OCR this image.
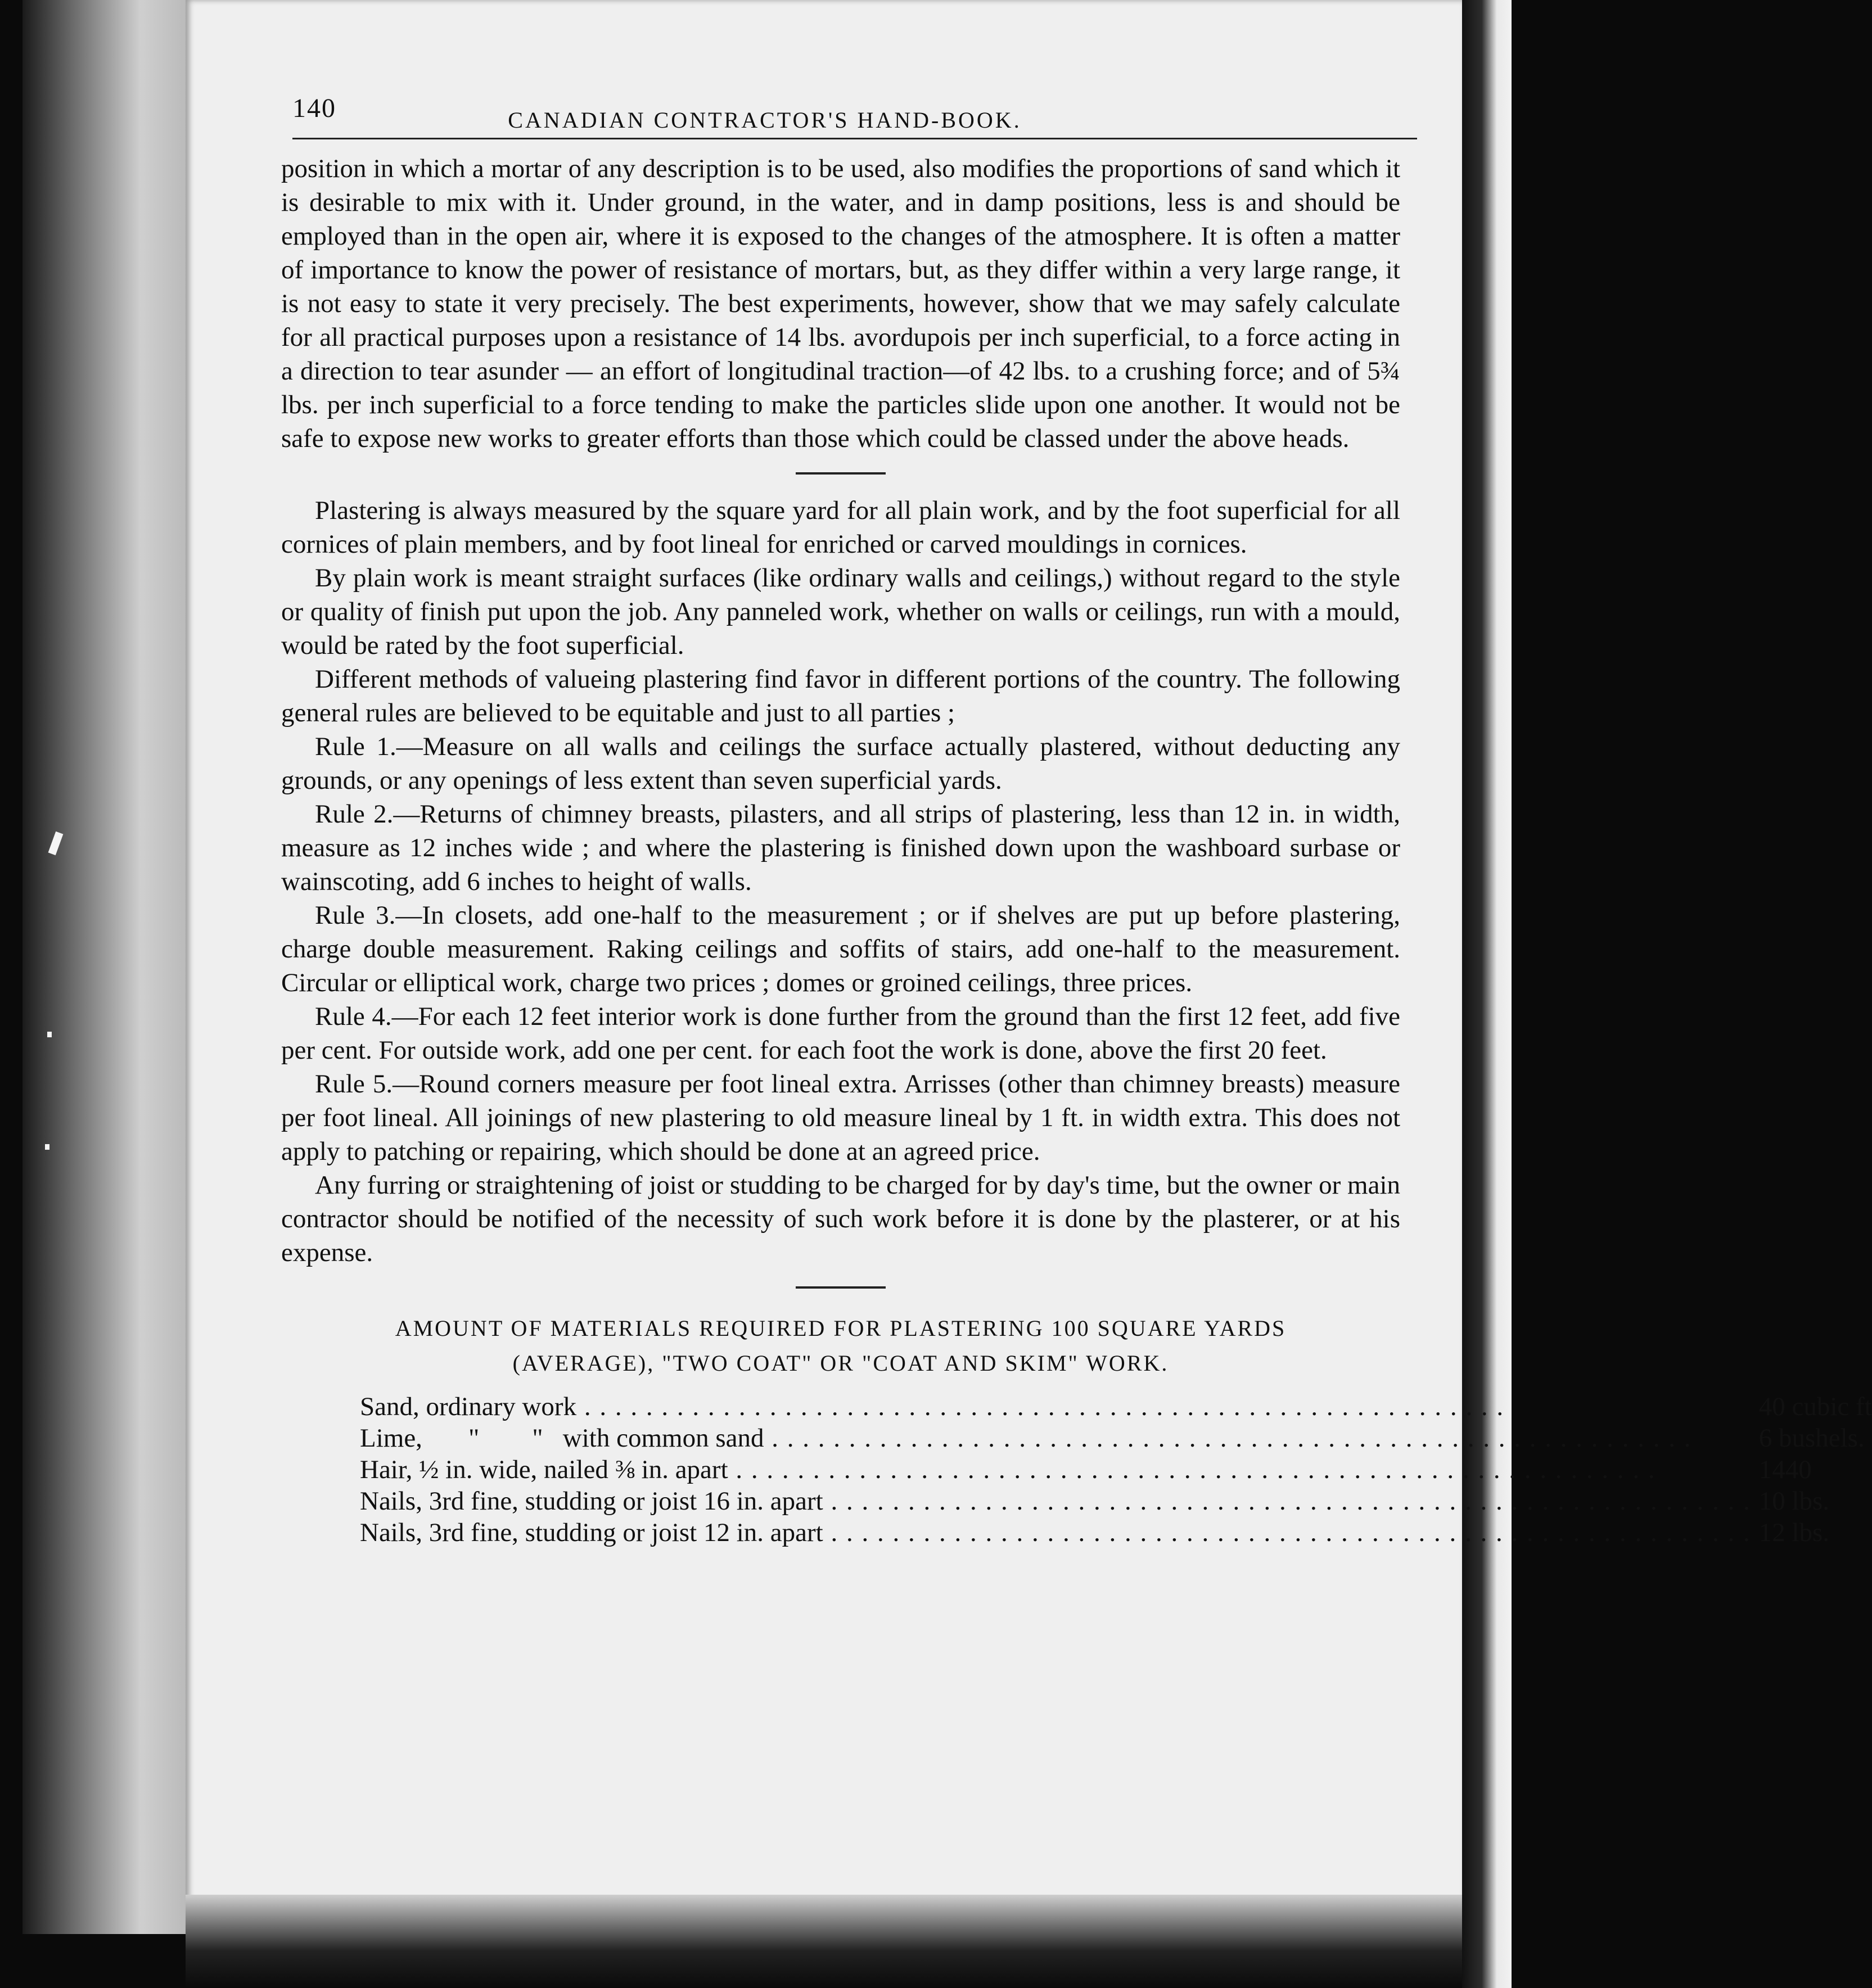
140	CANADIAN CONTRACTOR'S HAND-BOOK.

position in which a mortar of any description is to be used, also modifies the proportions of sand which it is desirable to mix with it. Under ground, in the water, and in damp positions, less is and should be employed than in the open air, where it is exposed to the changes of the atmosphere. It is often a matter of importance to know the power of resistance of mortars, but, as they differ within a very large range, it is not easy to state it very precisely. The best experiments, however, show that we may safely calculate for all practical purposes upon a resistance of 14 lbs. avordupois per inch superficial, to a force acting in a direction to tear asunder — an effort of longitudinal traction—of 42 lbs. to a crushing force; and of 5¾ lbs. per inch superficial to a force tending to make the particles slide upon one another. It would not be safe to expose new works to greater efforts than those which could be classed under the above heads.

Plastering is always measured by the square yard for all plain work, and by the foot superficial for all cornices of plain members, and by foot lineal for enriched or carved mouldings in cornices.

By plain work is meant straight surfaces (like ordinary walls and ceilings,) without regard to the style or quality of finish put upon the job. Any panneled work, whether on walls or ceilings, run with a mould, would be rated by the foot superficial.

Different methods of valueing plastering find favor in different portions of the country. The following general rules are believed to be equitable and just to all parties ;

Rule 1.—Measure on all walls and ceilings the surface actually plastered, without deducting any grounds, or any openings of less extent than seven superficial yards.

Rule 2.—Returns of chimney breasts, pilasters, and all strips of plastering, less than 12 in. in width, measure as 12 inches wide ; and where the plastering is finished down upon the washboard surbase or wainscoting, add 6 inches to height of walls.

Rule 3.—In closets, add one-half to the measurement ; or if shelves are put up before plastering, charge double measurement. Raking ceilings and soffits of stairs, add one-half to the measurement. Circular or elliptical work, charge two prices ; domes or groined ceilings, three prices.

Rule 4.—For each 12 feet interior work is done further from the ground than the first 12 feet, add five per cent. For outside work, add one per cent. for each foot the work is done, above the first 20 feet.

Rule 5.—Round corners measure per foot lineal extra. Arrisses (other than chimney breasts) measure per foot lineal. All joinings of new plastering to old measure lineal by 1 ft. in width extra. This does not apply to patching or repairing, which should be done at an agreed price.

Any furring or straightening of joist or studding to be charged for by day's time, but the owner or main contractor should be notified of the necessity of such work before it is done by the plasterer, or at his expense.

AMOUNT OF MATERIALS REQUIRED FOR PLASTERING 100 SQUARE YARDS
(AVERAGE), "TWO COAT" OR "COAT AND SKIM" WORK.
Sand, ordinary work . . .	40 cubic ft
Lime,       "        "   with common sand . . .	6 bushels.
Hair, ½ in. wide, nailed ⅜ in. apart . . .	1440
Nails, 3rd fine, studding or joist 16 in. apart . . .	10 lbs.
Nails, 3rd fine, studding or joist 12 in. apart . . .	12 lbs.
